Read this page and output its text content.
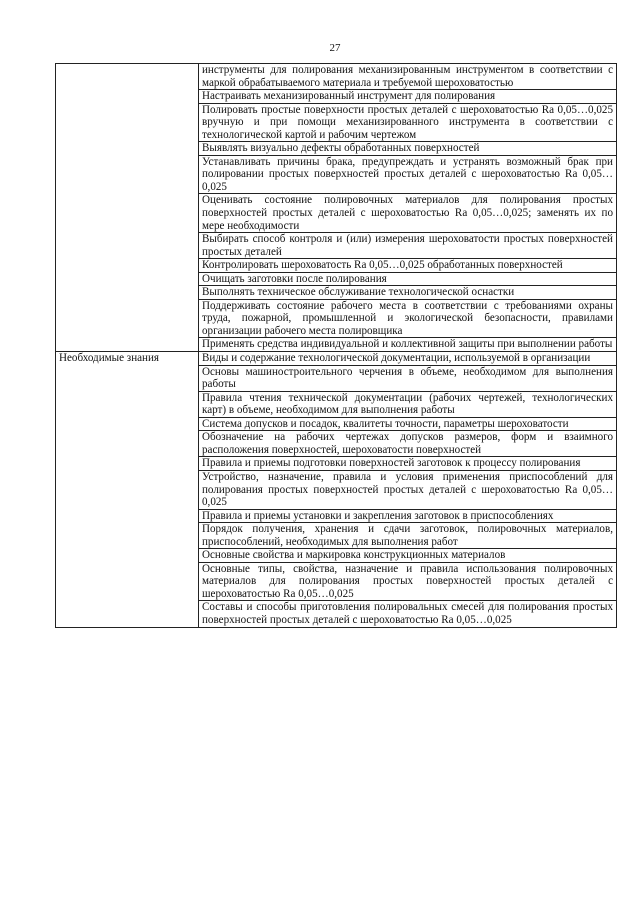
27
	инструменты для полирования механизированным инструментом в соответствии с маркой обрабатываемого материала и требуемой шероховатостью
	Настраивать механизированный инструмент для полирования
	Полировать простые поверхности простых деталей с шероховатостью Ra 0,05…0,025 вручную и при помощи механизированного инструмента в соответствии с технологической картой и рабочим чертежом
	Выявлять визуально дефекты обработанных поверхностей
	Устанавливать причины брака, предупреждать и устранять возможный брак при полировании простых поверхностей простых деталей с шероховатостью Ra 0,05…0,025
	Оценивать состояние полировочных материалов для полирования простых поверхностей простых деталей с шероховатостью Ra 0,05…0,025; заменять их по мере необходимости
	Выбирать способ контроля и (или) измерения шероховатости простых поверхностей простых деталей
	Контролировать шероховатость Ra 0,05…0,025 обработанных поверхностей
	Очищать заготовки после полирования
	Выполнять техническое обслуживание технологической оснастки
	Поддерживать состояние рабочего места в соответствии с требованиями охраны труда, пожарной, промышленной и экологической безопасности, правилами организации рабочего места полировщика
	Применять средства индивидуальной и коллективной защиты при выполнении работы
Необходимые знания	Виды и содержание технологической документации, используемой в организации
	Основы машиностроительного черчения в объеме, необходимом для выполнения работы
	Правила чтения технической документации (рабочих чертежей, технологических карт) в объеме, необходимом для выполнения работы
	Система допусков и посадок, квалитеты точности, параметры шероховатости
	Обозначение на рабочих чертежах допусков размеров, форм и взаимного расположения поверхностей, шероховатости поверхностей
	Правила и приемы подготовки поверхностей заготовок к процессу полирования
	Устройство, назначение, правила и условия применения приспособлений для полирования простых поверхностей простых деталей с шероховатостью Ra 0,05…0,025
	Правила и приемы установки и закрепления заготовок в приспособлениях
	Порядок получения, хранения и сдачи заготовок, полировочных материалов, приспособлений, необходимых для выполнения работ
	Основные свойства и маркировка конструкционных материалов
	Основные типы, свойства, назначение и правила использования полировочных материалов для полирования простых поверхностей простых деталей с шероховатостью Ra 0,05…0,025
	Составы и способы приготовления полировальных смесей для полирования простых поверхностей простых деталей с шероховатостью Ra 0,05…0,025
